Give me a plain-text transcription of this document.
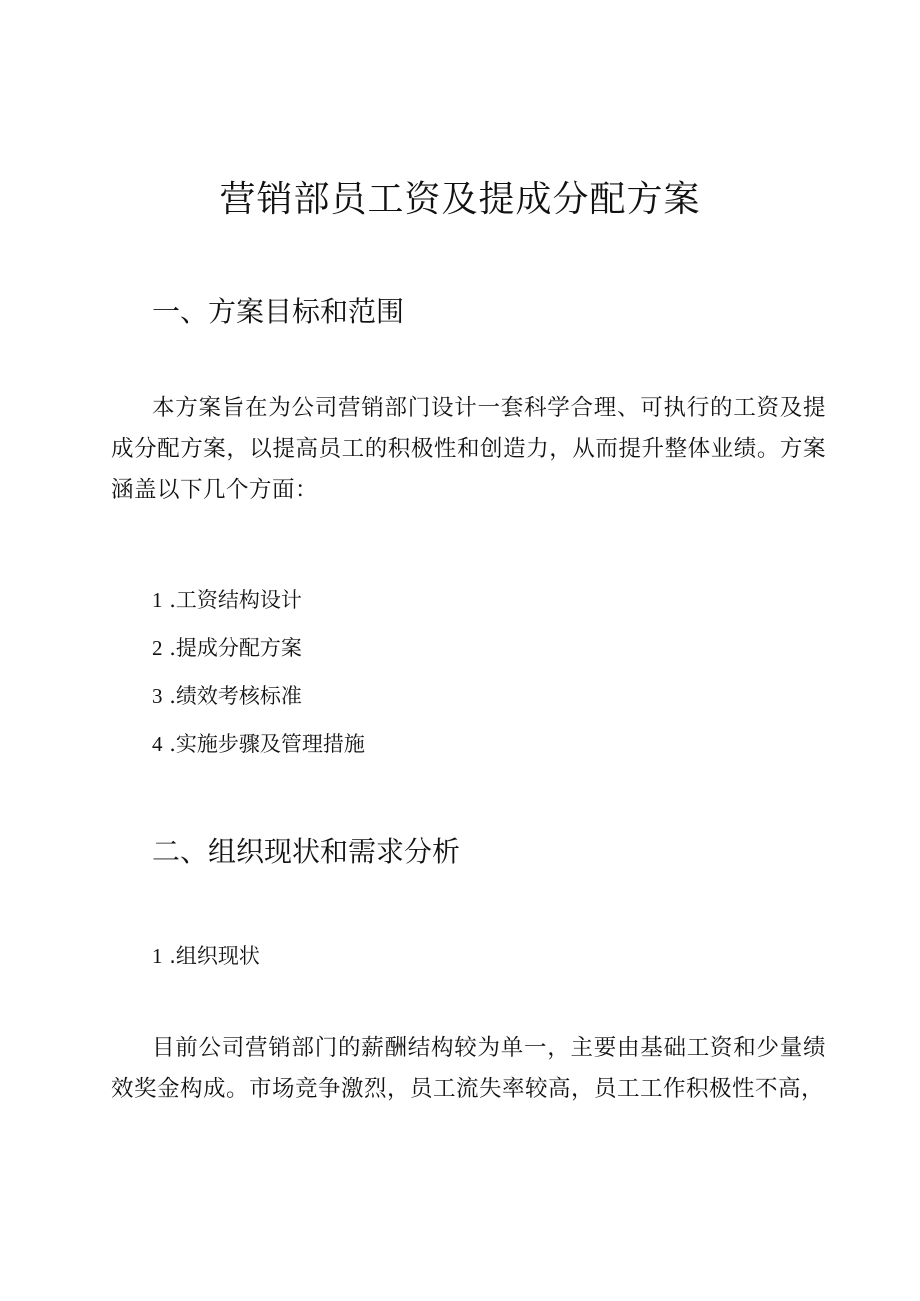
营销部员工资及提成分配方案
一、方案目标和范围
本方案旨在为公司营销部门设计一套科学合理、可执行的工资及提成分配方案，以提高员工的积极性和创造力，从而提升整体业绩。方案涵盖以下几个方面：
1 .工资结构设计
2 .提成分配方案
3 .绩效考核标准
4 .实施步骤及管理措施
二、组织现状和需求分析
1 .组织现状
目前公司营销部门的薪酬结构较为单一，主要由基础工资和少量绩效奖金构成。市场竞争激烈，员工流失率较高，员工工作积极性不高，
